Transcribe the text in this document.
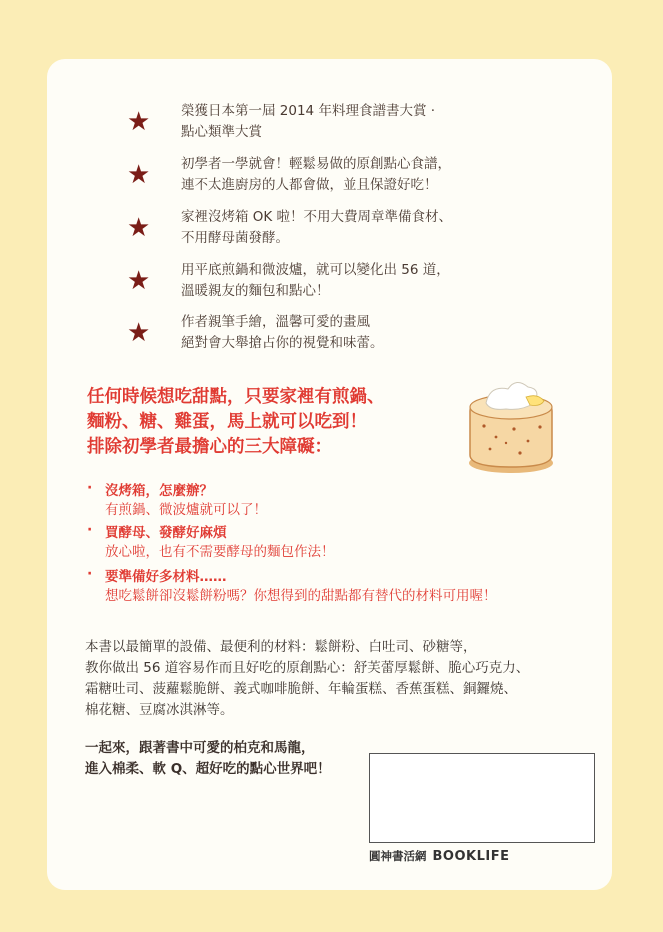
★ 榮獲日本第一屆 2014 年料理食譜書大賞 ·
點心類準大賞
★ 初學者一學就會！輕鬆易做的原創點心食譜，
連不太進廚房的人都會做，並且保證好吃！
★ 家裡沒烤箱 OK 啦！不用大費周章準備食材、
不用酵母菌發酵。
★ 用平底煎鍋和微波爐，就可以變化出 56 道，
溫暖親友的麵包和點心！
★ 作者親筆手繪，溫馨可愛的畫風
絕對會大舉搶占你的視覺和味蕾。
任何時候想吃甜點，只要家裡有煎鍋、
麵粉、糖、雞蛋，馬上就可以吃到！
排除初學者最擔心的三大障礙：
· 沒烤箱，怎麼辦？
有煎鍋、微波爐就可以了！
· 買酵母、發酵好麻煩
放心啦，也有不需要酵母的麵包作法！
· 要準備好多材料……
想吃鬆餅卻沒鬆餅粉嗎？你想得到的甜點都有替代的材料可用喔！
本書以最簡單的設備、最便利的材料：鬆餅粉、白吐司、砂糖等，
教你做出 56 道容易作而且好吃的原創點心：舒芙蕾厚鬆餅、脆心巧克力、
霜糖吐司、菠蘿鬆脆餅、義式咖啡脆餅、年輪蛋糕、香蕉蛋糕、銅鑼燒、
棉花糖、豆腐冰淇淋等。
一起來，跟著書中可愛的柏克和馬龍，
進入棉柔、軟 Q、超好吃的點心世界吧！
圓神書活網 BOOKLIFE
